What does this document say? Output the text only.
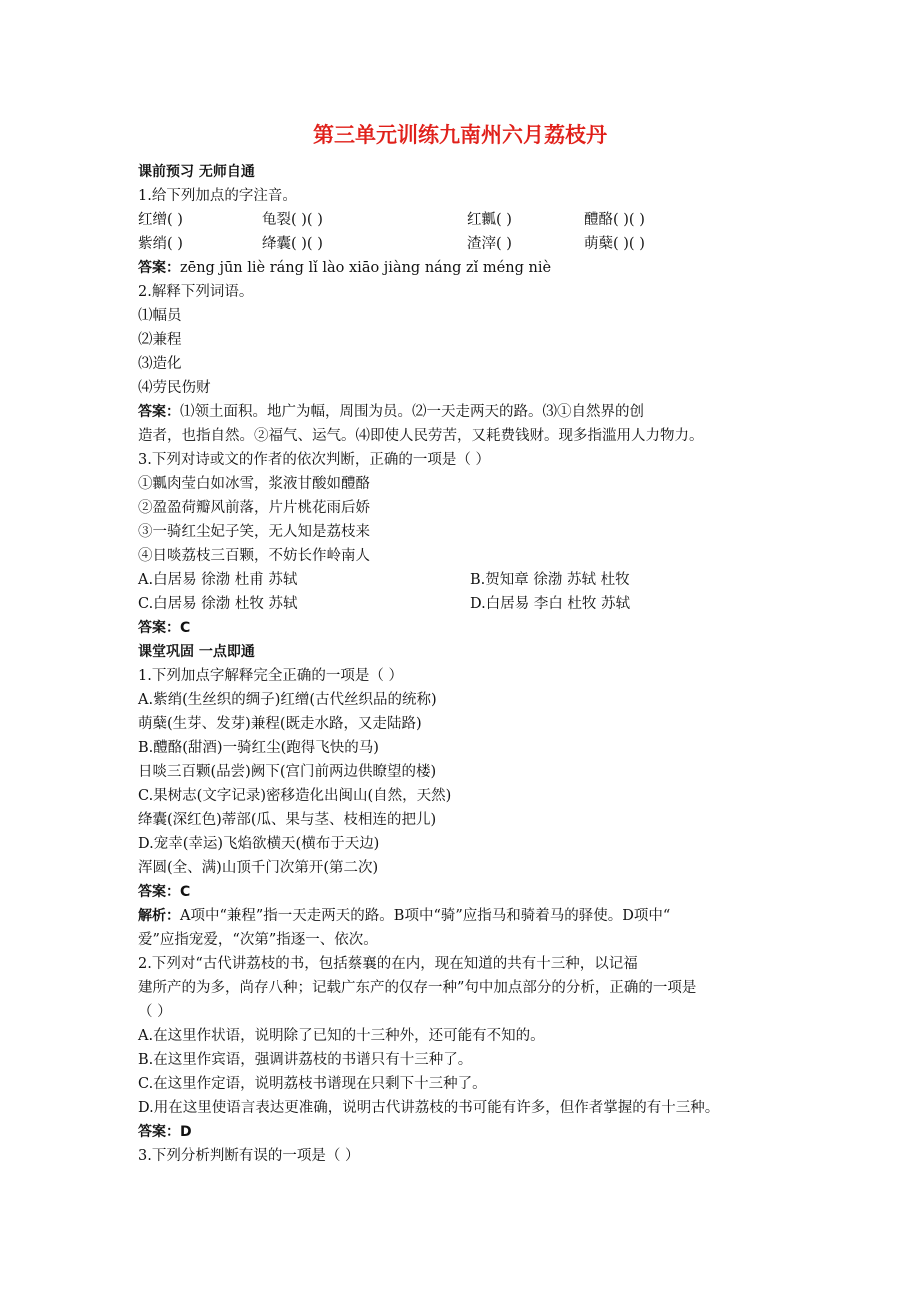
第三单元训练九南州六月荔枝丹
课前预习 无师自通
1.给下列加点的字注音。
红缯( )	龟裂( )( )	红瓤( )	醴酪( )( )
紫绡( )	绛囊( )( )	渣滓( )	萌蘖( )( )
答案：zēng jūn liè ráng lǐ lào xiāo jiàng náng zǐ méng niè
2.解释下列词语。
⑴幅员
⑵兼程
⑶造化
⑷劳民伤财
答案：⑴领土面积。地广为幅，周围为员。⑵一天走两天的路。⑶①自然界的创
造者，也指自然。②福气、运气。⑷即使人民劳苦，又耗费钱财。现多指滥用人力物力。
3.下列对诗或文的作者的依次判断，正确的一项是（ ）
①瓤肉莹白如冰雪，浆液甘酸如醴酪
②盈盈荷瓣风前落，片片桃花雨后娇
③一骑红尘妃子笑，无人知是荔枝来
④日啖荔枝三百颗，不妨长作岭南人
A.白居易 徐渤 杜甫 苏轼	B.贺知章 徐渤 苏轼 杜牧
C.白居易 徐渤 杜牧 苏轼	D.白居易 李白 杜牧 苏轼
答案：C
课堂巩固 一点即通
1.下列加点字解释完全正确的一项是（ ）
A.紫绡(生丝织的绸子)红缯(古代丝织品的统称)
萌蘖(生芽、发芽)兼程(既走水路，又走陆路)
B.醴酪(甜酒)一骑红尘(跑得飞快的马)
日啖三百颗(品尝)阙下(宫门前两边供瞭望的楼)
C.果树志(文字记录)密移造化出闽山(自然，天然)
绛囊(深红色)蒂部(瓜、果与茎、枝相连的把儿)
D.宠幸(幸运)飞焰欲横天(横布于天边)
浑圆(全、满)山顶千门次第开(第二次)
答案：C
解析：A项中“兼程”指一天走两天的路。B项中“骑”应指马和骑着马的驿使。D项中“
爱”应指宠爱，“次第”指逐一、依次。
2.下列对“古代讲荔枝的书，包括蔡襄的在内，现在知道的共有十三种，以记福
建所产的为多，尚存八种；记载广东产的仅存一种”句中加点部分的分析，正确的一项是
（ ）
A.在这里作状语，说明除了已知的十三种外，还可能有不知的。
B.在这里作宾语，强调讲荔枝的书谱只有十三种了。
C.在这里作定语，说明荔枝书谱现在只剩下十三种了。
D.用在这里使语言表达更准确，说明古代讲荔枝的书可能有许多，但作者掌握的有十三种。
答案：D
3.下列分析判断有误的一项是（ ）
